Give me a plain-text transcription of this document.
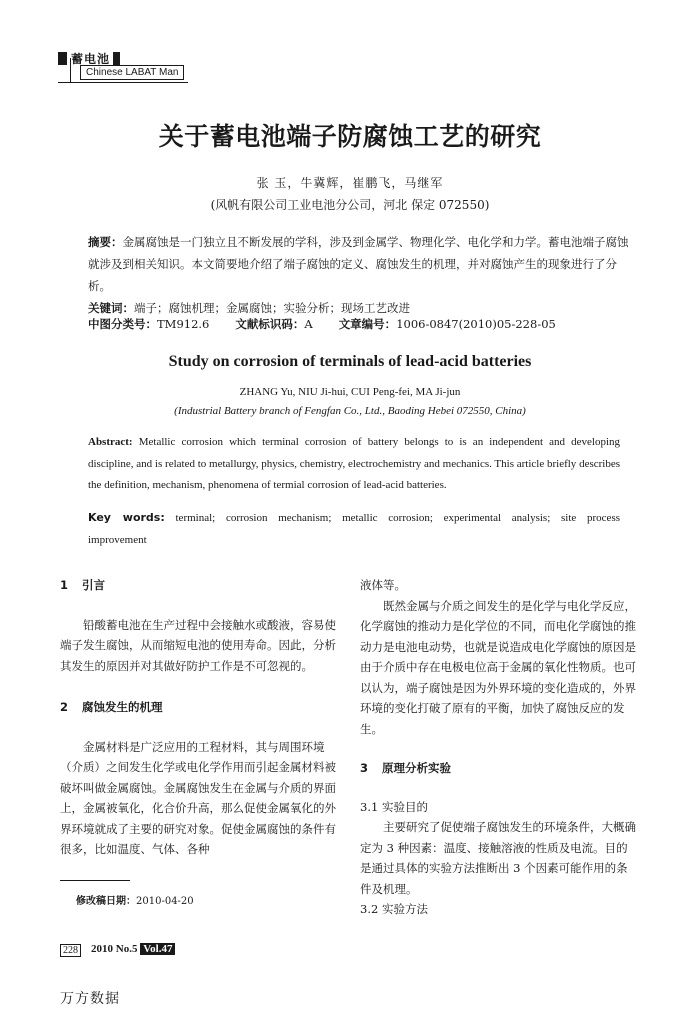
蓄电池
Chinese LABAT Man
关于蓄电池端子防腐蚀工艺的研究
张 玉，牛冀辉，崔鹏飞，马继军
(风帆有限公司工业电池分公司，河北 保定 072550)
摘要：金属腐蚀是一门独立且不断发展的学科，涉及到金属学、物理化学、电化学和力学。蓄电池端子腐蚀就涉及到相关知识。本文简要地介绍了端子腐蚀的定义、腐蚀发生的机理，并对腐蚀产生的现象进行了分析。
关键词：端子；腐蚀机理；金属腐蚀；实验分析；现场工艺改进
中图分类号：TM912.6 文献标识码：A 文章编号：1006-0847(2010)05-228-05
Study on corrosion of terminals of lead-acid batteries
ZHANG Yu, NIU Ji-hui, CUI Peng-fei, MA Ji-jun
(Industrial Battery branch of Fengfan Co., Ltd., Baoding Hebei 072550, China)
Abstract: Metallic corrosion which terminal corrosion of battery belongs to is an independent and developing discipline, and is related to metallurgy, physics, chemistry, electrochemistry and mechanics. This article briefly describes the definition, mechanism, phenomena of termial corrosion of lead-acid batteries.
Key words: terminal; corrosion mechanism; metallic corrosion; experimental analysis; site process improvement

1 引言

铅酸蓄电池在生产过程中会接触水或酸液，容易使端子发生腐蚀，从而缩短电池的使用寿命。因此，分析其发生的原因并对其做好防护工作是不可忽视的。

2 腐蚀发生的机理

金属材料是广泛应用的工程材料，其与周围环境（介质）之间发生化学或电化学作用而引起金属材料被破坏叫做金属腐蚀。金属腐蚀发生在金属与介质的界面上，金属被氧化，化合价升高，那么促使金属氧化的外界环境就成了主要的研究对象。促使金属腐蚀的条件有很多，比如温度、气体、各种

液体等。

既然金属与介质之间发生的是化学与电化学反应，化学腐蚀的推动力是化学位的不同，而电化学腐蚀的推动力是电池电动势，也就是说造成电化学腐蚀的原因是由于介质中存在电极电位高于金属的氧化性物质。也可以认为，端子腐蚀是因为外界环境的变化造成的，外界环境的变化打破了原有的平衡，加快了腐蚀反应的发生。

3 原理分析实验

3.1 实验目的

主要研究了促使端子腐蚀发生的环境条件，大概确定为 3 种因素：温度、接触溶液的性质及电流。目的是通过具体的实验方法推断出 3 个因素可能作用的条件及机理。

3.2 实验方法

修改稿日期：2010-04-20
228 2010 No.5 Vol.47
万方数据
